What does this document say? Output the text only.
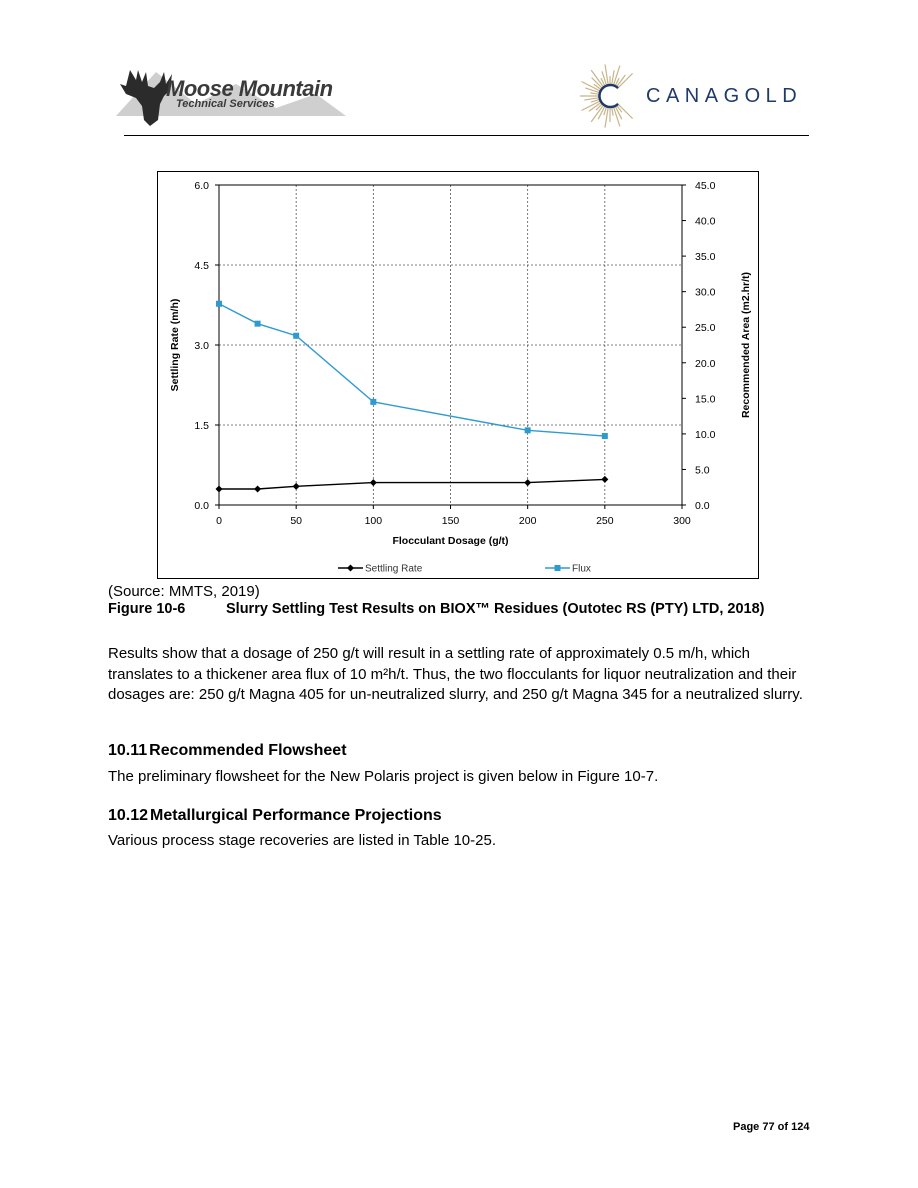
Moose Mountain
Technical Services	CANAGOLD
0	50	100	150	200	250	300
0.0
1.5
3.0
4.5
6.0
0.0
5.0
10.0
15.0
20.0
25.0
30.0
35.0
40.0
45.0
Flocculant Dosage (g/t)
Settling Rate (m/h)	Recommended Area (m2.hr/t)
Settling Rate	Flux
(Source: MMTS, 2019)
Figure 10-6	Slurry Settling Test Results on BIOX™ Residues (Outotec RS (PTY) LTD, 2018)
Results show that a dosage of 250 g/t will result in a settling rate of approximately 0.5 m/h, which translates to a thickener area flux of 10 m²h/t. Thus, the two flocculants for liquor neutralization and their dosages are: 250 g/t Magna 405 for un-neutralized slurry, and 250 g/t Magna 345 for a neutralized slurry.
10.11 Recommended Flowsheet
The preliminary flowsheet for the New Polaris project is given below in Figure 10-7.
10.12 Metallurgical Performance Projections
Various process stage recoveries are listed in Table 10-25.
Page 77 of 124
